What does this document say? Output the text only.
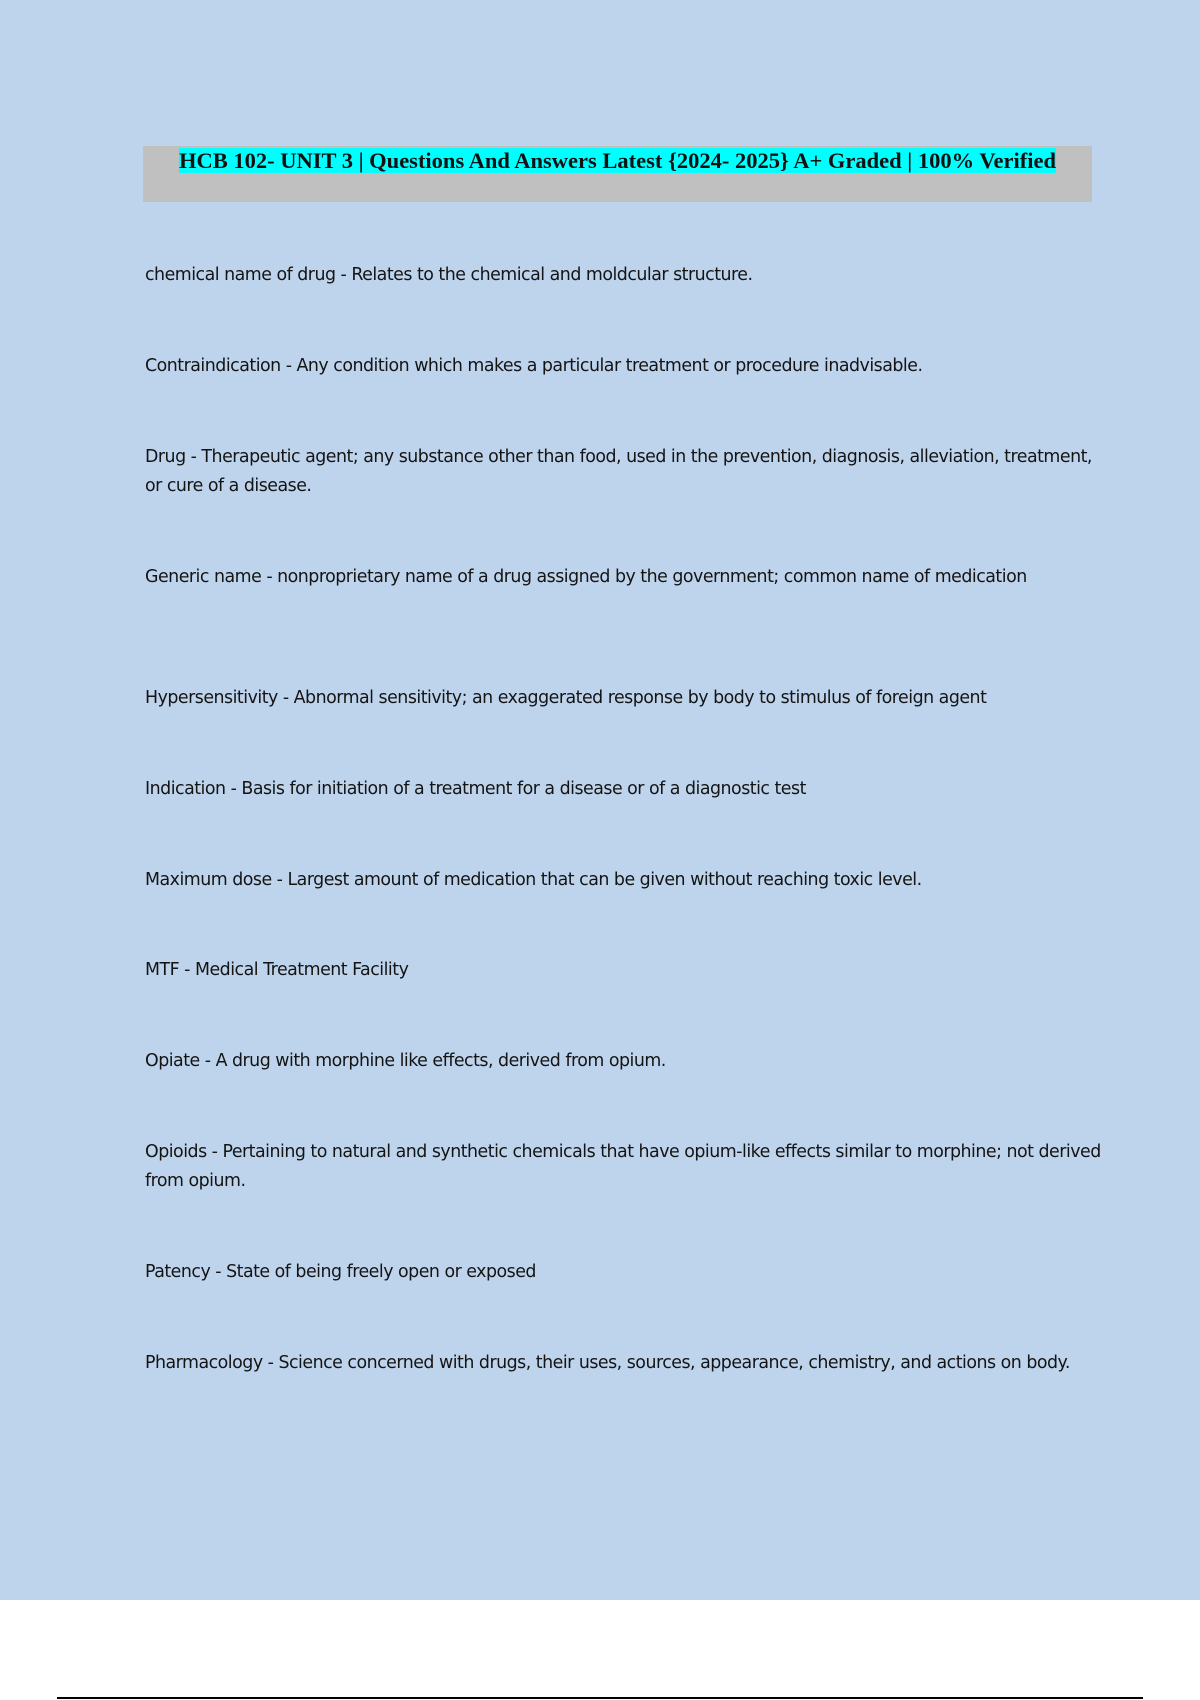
HCB 102- UNIT 3 | Questions And Answers Latest {2024- 2025} A+ Graded | 100% Verified

chemical name of drug - Relates to the chemical and moldcular structure.

Contraindication - Any condition which makes a particular treatment or procedure inadvisable.

Drug - Therapeutic agent; any substance other than food, used in the prevention, diagnosis, alleviation, treatment, or cure of a disease.

Generic name - nonproprietary name of a drug assigned by the government; common name of medication

Hypersensitivity - Abnormal sensitivity; an exaggerated response by body to stimulus of foreign agent

Indication - Basis for initiation of a treatment for a disease or of a diagnostic test

Maximum dose - Largest amount of medication that can be given without reaching toxic level.

MTF - Medical Treatment Facility

Opiate - A drug with morphine like effects, derived from opium.

Opioids - Pertaining to natural and synthetic chemicals that have opium-like effects similar to morphine; not derived from opium.

Patency - State of being freely open or exposed

Pharmacology - Science concerned with drugs, their uses, sources, appearance, chemistry, and actions on body.
